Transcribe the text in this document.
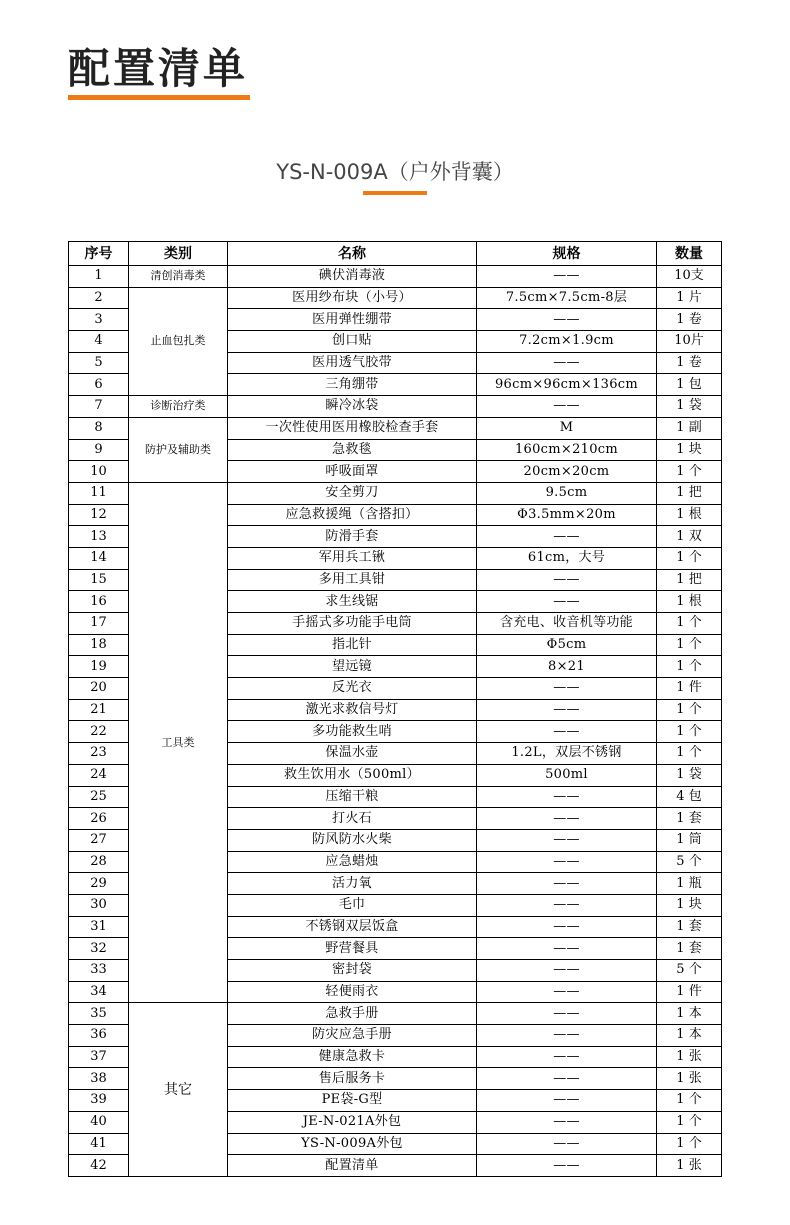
配置清单
YS-N-009A（户外背囊）
序号	类别	名称	规格	数量
1	清创消毒类	碘伏消毒液	——	10支
2	止血包扎类	医用纱布块（小号）	7.5cm×7.5cm-8层	1 片
3		医用弹性绷带	——	1 卷
4		创口贴	7.2cm×1.9cm	10片
5		医用透气胶带	——	1 卷
6		三角绷带	96cm×96cm×136cm	1 包
7	诊断治疗类	瞬冷冰袋	——	1 袋
8	防护及辅助类	一次性使用医用橡胶检查手套	M	1 副
9		急救毯	160cm×210cm	1 块
10		呼吸面罩	20cm×20cm	1 个
11	工具类	安全剪刀	9.5cm	1 把
12		应急救援绳（含搭扣）	Φ3.5mm×20m	1 根
13		防滑手套	——	1 双
14		军用兵工锹	61cm，大号	1 个
15		多用工具钳	——	1 把
16		求生线锯	——	1 根
17		手摇式多功能手电筒	含充电、收音机等功能	1 个
18		指北针	Φ5cm	1 个
19		望远镜	8×21	1 个
20		反光衣	——	1 件
21		激光求救信号灯	——	1 个
22		多功能救生哨	——	1 个
23		保温水壶	1.2L，双层不锈钢	1 个
24		救生饮用水（500ml）	500ml	1 袋
25		压缩干粮	——	4 包
26		打火石	——	1 套
27		防风防水火柴	——	1 筒
28		应急蜡烛	——	5 个
29		活力氧	——	1 瓶
30		毛巾	——	1 块
31		不锈钢双层饭盒	——	1 套
32		野营餐具	——	1 套
33		密封袋	——	5 个
34		轻便雨衣	——	1 件
35	其它	急救手册	——	1 本
36		防灾应急手册	——	1 本
37		健康急救卡	——	1 张
38		售后服务卡	——	1 张
39		PE袋-G型	——	1 个
40		JE-N-021A外包	——	1 个
41		YS-N-009A外包	——	1 个
42		配置清单	——	1 张
